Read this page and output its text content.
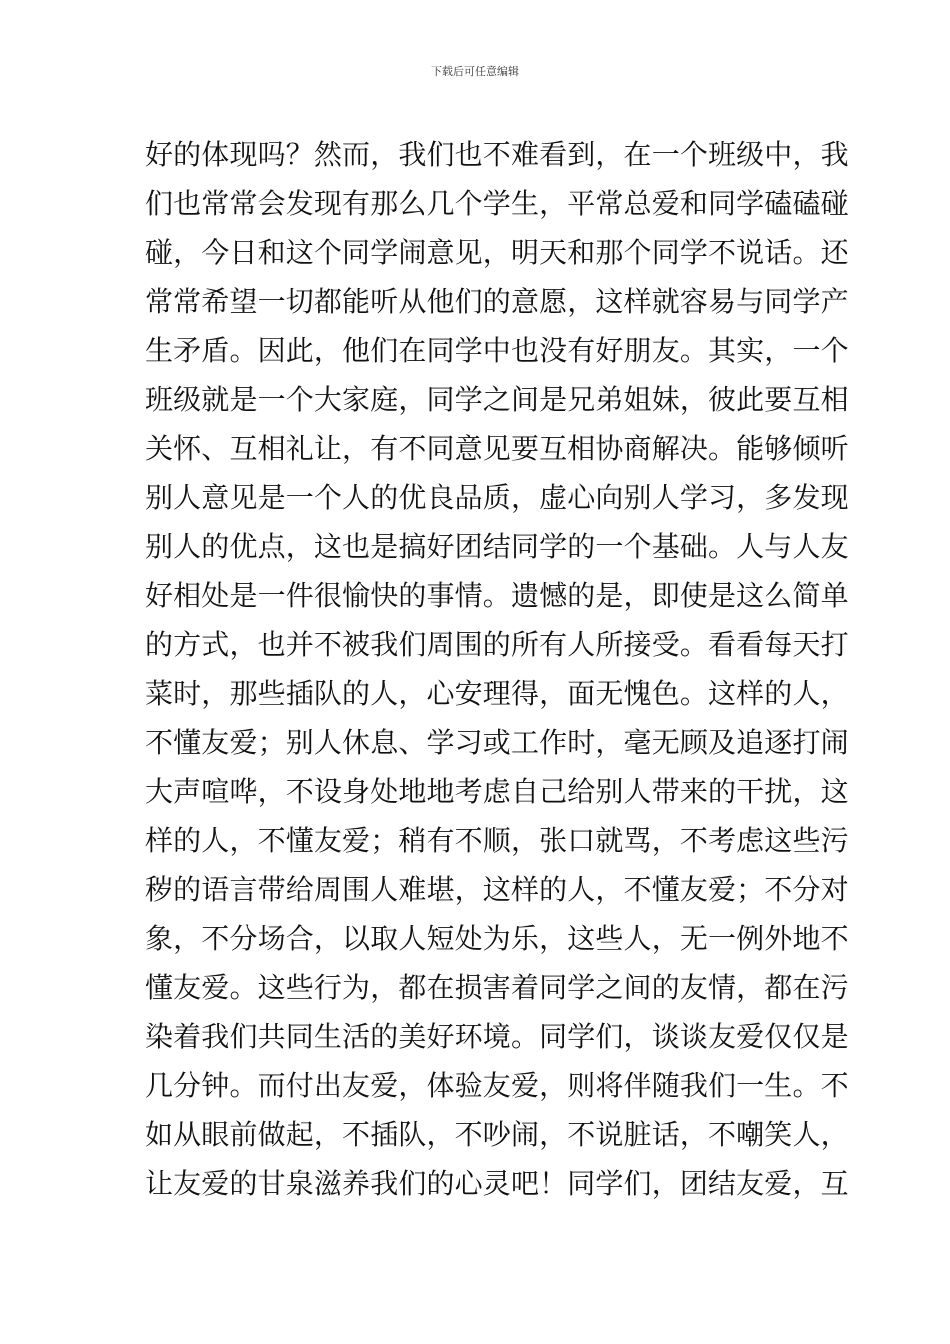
下载后可任意编辑
好的体现吗？然而，我们也不难看到，在一个班级中，我
们也常常会发现有那么几个学生，平常总爱和同学磕磕碰
碰，今日和这个同学闹意见，明天和那个同学不说话。还
常常希望一切都能听从他们的意愿，这样就容易与同学产
生矛盾。因此，他们在同学中也没有好朋友。其实，一个
班级就是一个大家庭，同学之间是兄弟姐妹，彼此要互相
关怀、互相礼让，有不同意见要互相协商解决。能够倾听
别人意见是一个人的优良品质，虚心向别人学习，多发现
别人的优点，这也是搞好团结同学的一个基础。人与人友
好相处是一件很愉快的事情。遗憾的是，即使是这么简单
的方式，也并不被我们周围的所有人所接受。看看每天打
菜时，那些插队的人，心安理得，面无愧色。这样的人，
不懂友爱；别人休息、学习或工作时，毫无顾及追逐打闹
大声喧哗，不设身处地地考虑自己给别人带来的干扰，这
样的人，不懂友爱；稍有不顺，张口就骂，不考虑这些污
秽的语言带给周围人难堪，这样的人，不懂友爱；不分对
象，不分场合，以取人短处为乐，这些人，无一例外地不
懂友爱。这些行为，都在损害着同学之间的友情，都在污
染着我们共同生活的美好环境。同学们，谈谈友爱仅仅是
几分钟。而付出友爱，体验友爱，则将伴随我们一生。不
如从眼前做起，不插队，不吵闹，不说脏话，不嘲笑人，
让友爱的甘泉滋养我们的心灵吧！同学们，团结友爱，互
